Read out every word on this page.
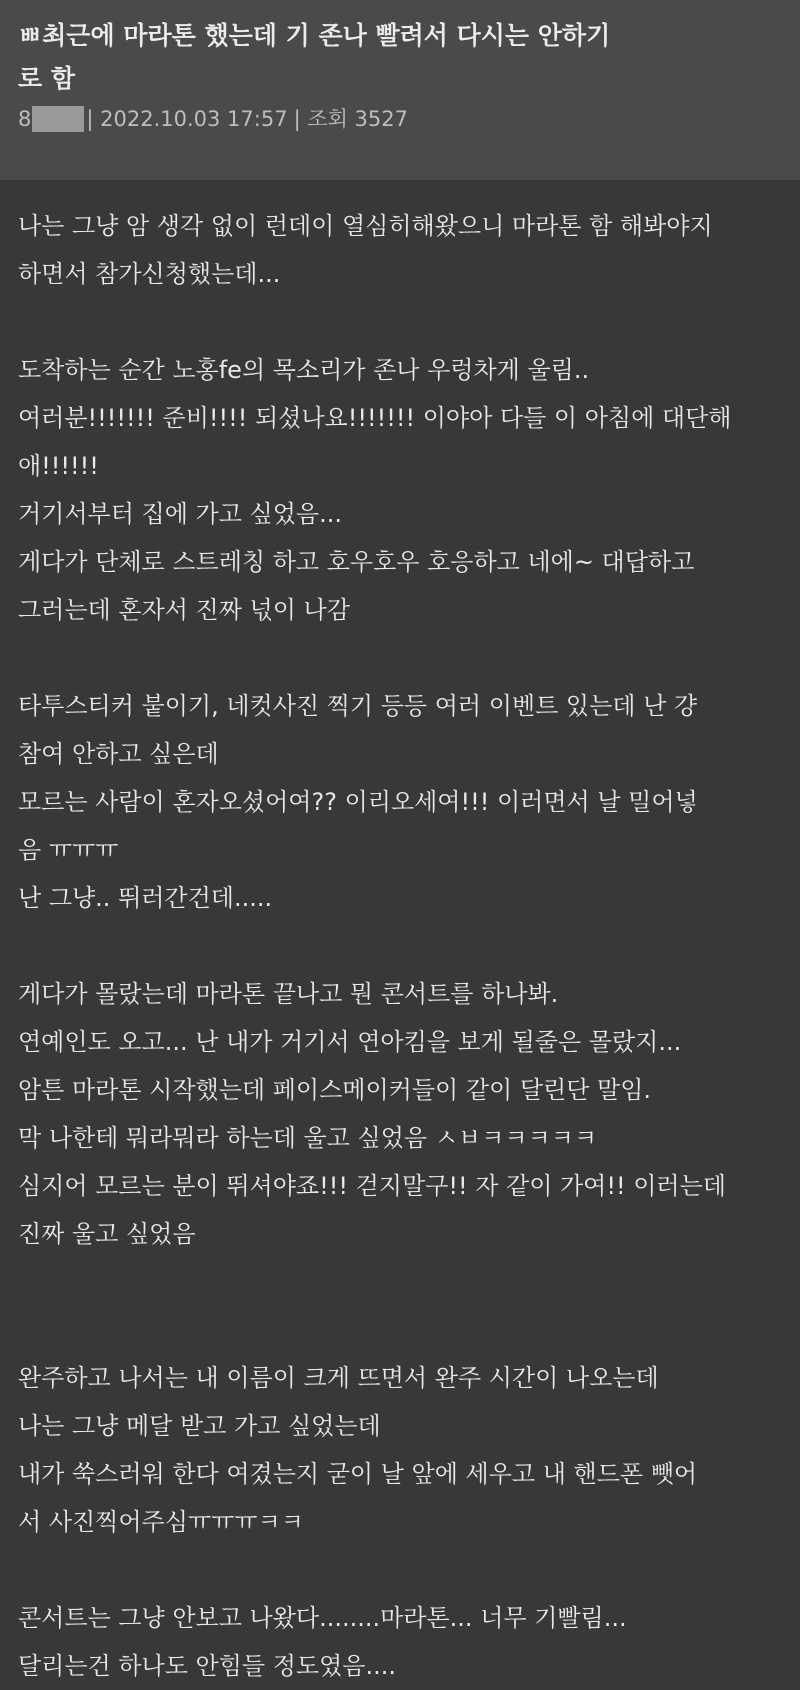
ㅃ최근에 마라톤 했는데 기 존나 빨려서 다시는 안하기
로 함
8	| 2022.10.03 17:57 | 조회 3527
나는 그냥 암 생각 없이 런데이 열심히해왔으니 마라톤 함 해봐야지
하면서 참가신청했는데...
도착하는 순간 노홍fe의 목소리가 존나 우렁차게 울림..
여러분!!!!!!! 준비!!!! 되셨나요!!!!!!! 이야아 다들 이 아침에 대단해
애!!!!!!
거기서부터 집에 가고 싶었음...
게다가 단체로 스트레칭 하고 호우호우 호응하고 네에~ 대답하고
그러는데 혼자서 진짜 넋이 나감
타투스티커 붙이기, 네컷사진 찍기 등등 여러 이벤트 있는데 난 걍
참여 안하고 싶은데
모르는 사람이 혼자오셨어여?? 이리오세여!!! 이러면서 날 밀어넣
음 ㅠㅠㅠ
난 그냥.. 뛰러간건데.....
게다가 몰랐는데 마라톤 끝나고 뭔 콘서트를 하나봐.
연예인도 오고... 난 내가 거기서 연아킴을 보게 될줄은 몰랐지...
암튼 마라톤 시작했는데 페이스메이커들이 같이 달린단 말임.
막 나한테 뭐라뭐라 하는데 울고 싶었음 ㅅㅂㅋㅋㅋㅋㅋ
심지어 모르는 분이 뛰셔야죠!!! 걷지말구!! 자 같이 가여!! 이러는데
진짜 울고 싶었음
완주하고 나서는 내 이름이 크게 뜨면서 완주 시간이 나오는데
나는 그냥 메달 받고 가고 싶었는데
내가 쑥스러워 한다 여겼는지 굳이 날 앞에 세우고 내 핸드폰 뺏어
서 사진찍어주심ㅠㅠㅠㅋㅋ
콘서트는 그냥 안보고 나왔다........마라톤... 너무 기빨림...
달리는건 하나도 안힘들 정도였음....
